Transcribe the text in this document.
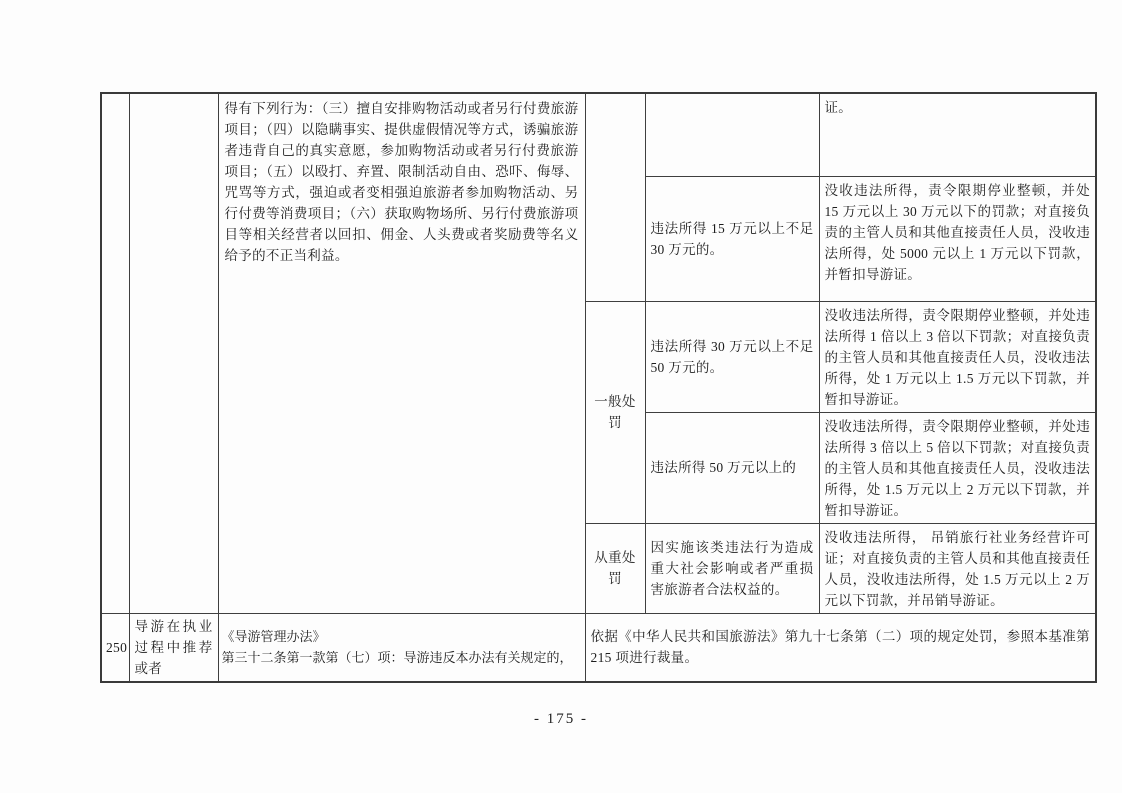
		得有下列行为：（三）擅自安排购物活动或者另行付费旅游项目；（四）以隐瞒事实、提供虚假情况等方式，诱骗旅游者违背自己的真实意愿，参加购物活动或者另行付费旅游项目；（五）以殴打、弃置、限制活动自由、恐吓、侮辱、咒骂等方式，强迫或者变相强迫旅游者参加购物活动、另行付费等消费项目；（六）获取购物场所、另行付费旅游项目等相关经营者以回扣、佣金、人头费或者奖励费等名义给予的不正当利益。			证。
				违法所得 15 万元以上不足 30 万元的。	没收违法所得，责令限期停业整顿，并处 15 万元以上 30 万元以下的罚款；对直接负责的主管人员和其他直接责任人员，没收违法所得，处 5000 元以上 1 万元以下罚款，并暂扣导游证。
			一般处罚	违法所得 30 万元以上不足 50 万元的。	没收违法所得，责令限期停业整顿，并处违法所得 1 倍以上 3 倍以下罚款；对直接负责的主管人员和其他直接责任人员，没收违法所得，处 1 万元以上 1.5 万元以下罚款，并暂扣导游证。
				违法所得 50 万元以上的	没收违法所得，责令限期停业整顿，并处违法所得 3 倍以上 5 倍以下罚款；对直接负责的主管人员和其他直接责任人员，没收违法所得，处 1.5 万元以上 2 万元以下罚款，并暂扣导游证。
			从重处罚	因实施该类违法行为造成重大社会影响或者严重损害旅游者合法权益的。	没收违法所得， 吊销旅行社业务经营许可证；对直接负责的主管人员和其他直接责任人员，没收违法所得，处 1.5 万元以上 2 万元以下罚款，并吊销导游证。
250	导游在执业过程中推荐或者	《导游管理办法》
第三十二条第一款第（七）项：导游违反本办法有关规定的，	依据《中华人民共和国旅游法》第九十七条第（二）项的规定处罚，参照本基准第 215 项进行裁量。		
- 175 -
